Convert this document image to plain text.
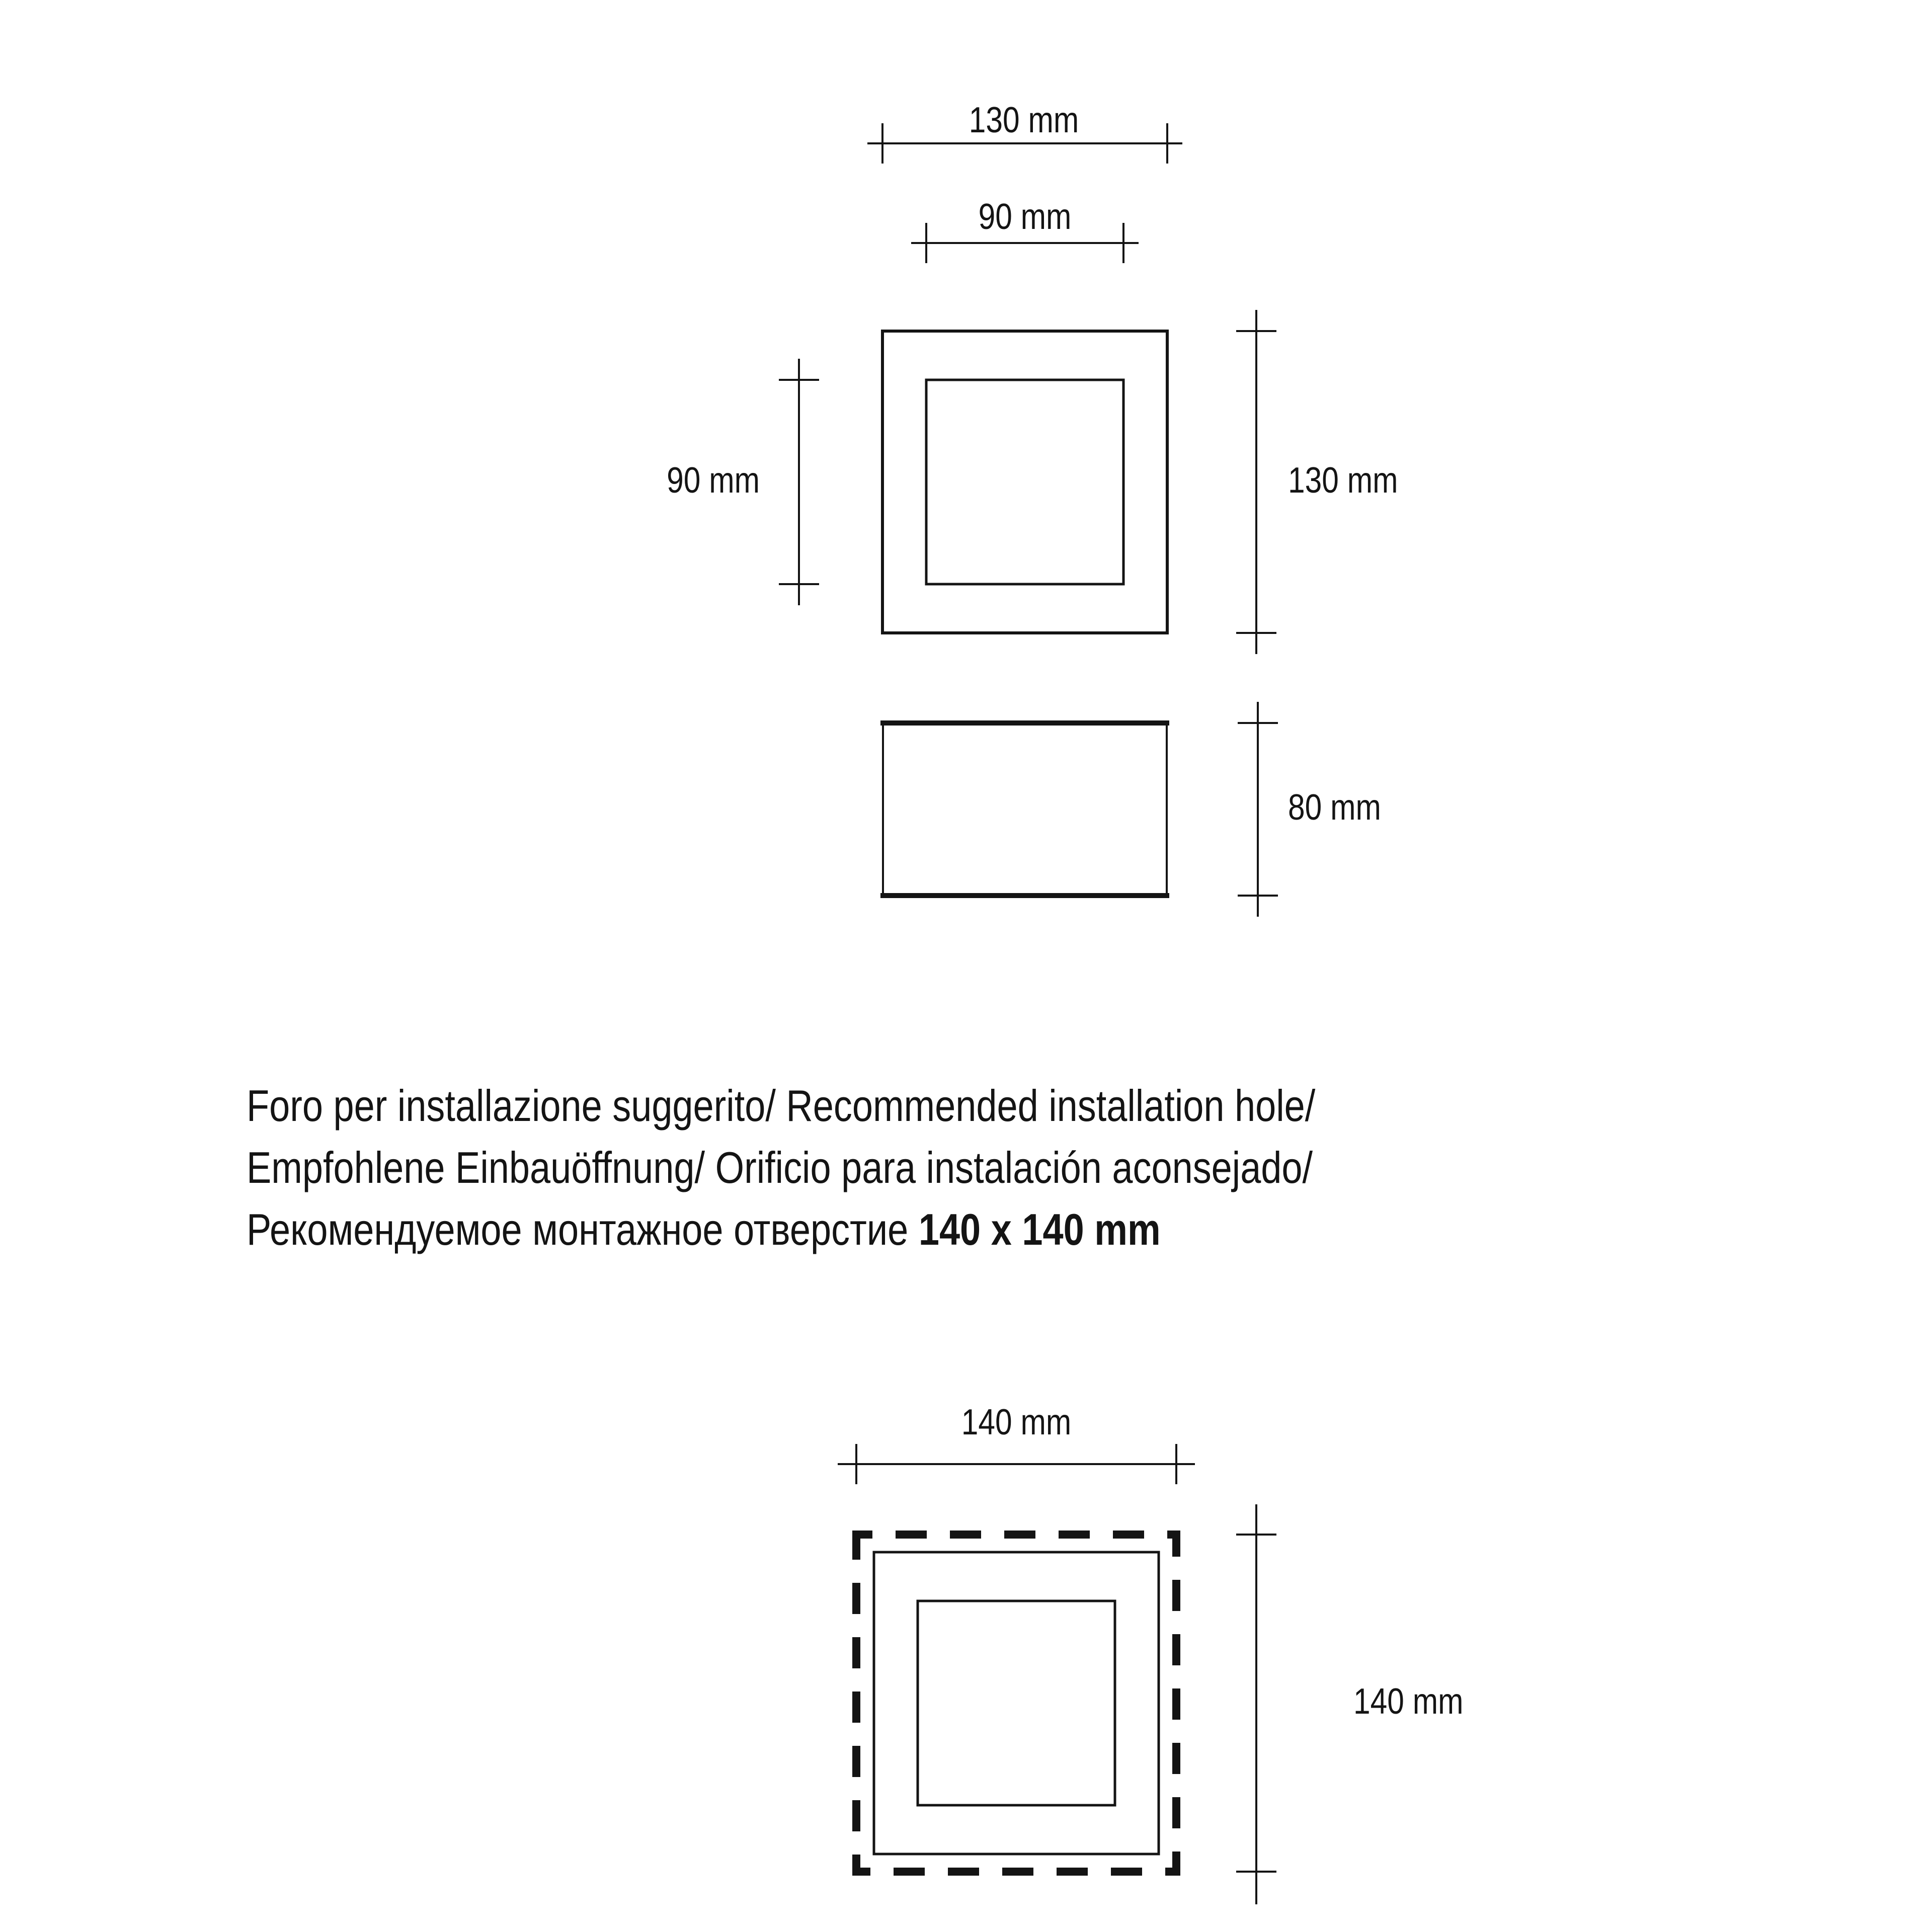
130 mm
90 mm
90 mm	130 mm
80 mm
140 mm
140 mm
Foro per installazione suggerito/ Recommended installation hole/
Empfohlene Einbauöffnung/ Orificio para instalación aconsejado/
Рекомендуемое монтажное отверстие 140 x 140 mm
